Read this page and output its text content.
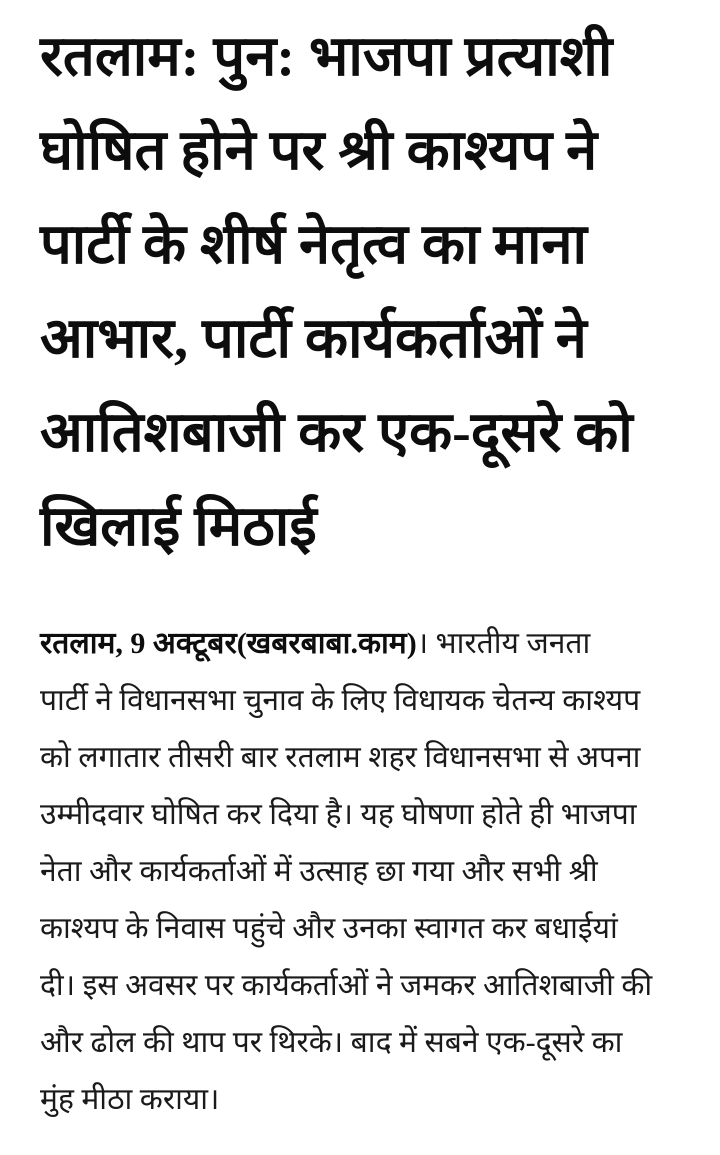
रतलाम: पुन: भाजपा प्रत्याशी
घोषित होने पर श्री काश्यप ने
पार्टी के शीर्ष नेतृत्व का माना
आभार, पार्टी कार्यकर्ताओं ने
आतिशबाजी कर एक-दूसरे को
खिलाई मिठाई

रतलाम, 9 अक्टूबर(खबरबाबा.काम)। भारतीय जनता
पार्टी ने विधानसभा चुनाव के लिए विधायक चेतन्य काश्यप
को लगातार तीसरी बार रतलाम शहर विधानसभा से अपना
उम्मीदवार घोषित कर दिया है। यह घोषणा होते ही भाजपा
नेता और कार्यकर्ताओं में उत्साह छा गया और सभी श्री
काश्यप के निवास पहुंचे और उनका स्वागत कर बधाईयां
दी। इस अवसर पर कार्यकर्ताओं ने जमकर आतिशबाजी की
और ढोल की थाप पर थिरके। बाद में सबने एक-दूसरे का
मुंह मीठा कराया।
